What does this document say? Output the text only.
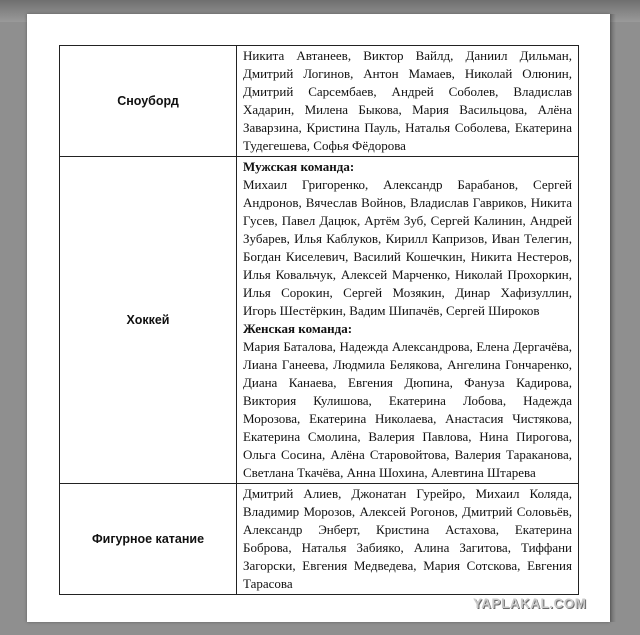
Сноуборд	Никита Автанеев, Виктор Вайлд, Даниил Дильман, Дмитрий Логинов, Антон Мамаев, Николай Олюнин, Дмитрий Сарсембаев, Андрей Соболев, Владислав Хадарин, Милена Быкова, Мария Васильцова, Алёна Заварзина, Кристина Пауль, Наталья Соболева, Екатерина Тудегешева, Софья Фёдорова
Хоккей	Мужская команда:
Михаил Григоренко, Александр Барабанов, Сергей Андронов, Вячеслав Войнов, Владислав Гавриков, Никита Гусев, Павел Дацюк, Артём Зуб, Сергей Калинин, Андрей Зубарев, Илья Каблуков, Кирилл Капризов, Иван Телегин, Богдан Киселевич, Василий Кошечкин, Никита Нестеров, Илья Ковальчук, Алексей Марченко, Николай Прохоркин, Илья Сорокин, Сергей Мозякин, Динар Хафизуллин, Игорь Шестёркин, Вадим Шипачёв, Сергей Широков
Женская команда:
Мария Баталова, Надежда Александрова, Елена Дергачёва, Лиана Ганеева, Людмила Белякова, Ангелина Гончаренко, Диана Канаева, Евгения Дюпина, Фануза Кадирова, Виктория Кулишова, Екатерина Лобова, Надежда Морозова, Екатерина Николаева, Анастасия Чистякова, Екатерина Смолина, Валерия Павлова, Нина Пирогова, Ольга Сосина, Алёна Старовойтова, Валерия Тараканова, Светлана Ткачёва, Анна Шохина, Алевтина Штарева

Фигурное катание	Дмитрий Алиев, Джонатан Гурейро, Михаил Коляда, Владимир Морозов, Алексей Рогонов, Дмитрий Соловьёв, Александр Энберт, Кристина Астахова, Екатерина Боброва, Наталья Забияко, Алина Загитова, Тиффани Загорски, Евгения Медведева, Мария Сотскова, Евгения Тарасова
YAPLAKAL.COM
